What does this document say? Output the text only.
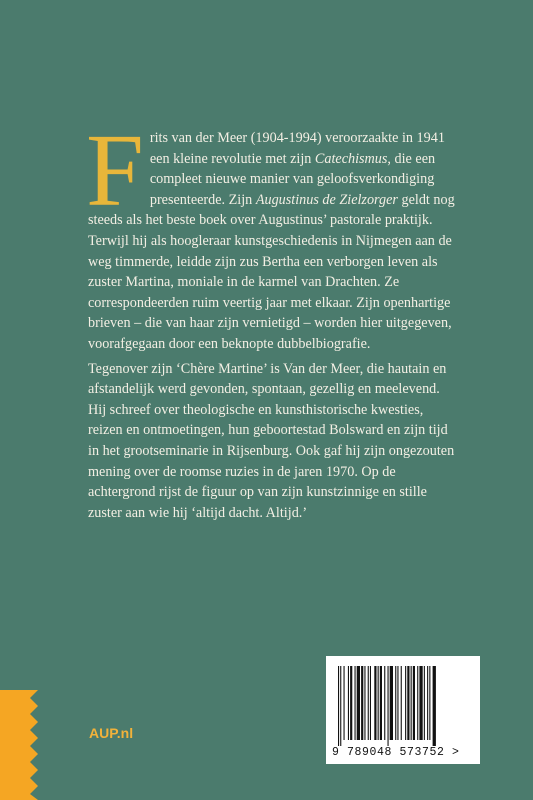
Frits van der Meer (1904-1994) veroorzaakte in 1941 een kleine revolutie met zijn Catechismus, die een compleet nieuwe manier van geloofsverkondiging presenteerde. Zijn Augustinus de Zielzorger geldt nog steeds als het beste boek over Augustinus’ pastorale praktijk. Terwijl hij als hoogleraar kunstgeschiedenis in Nijmegen aan de weg timmerde, leidde zijn zus Bertha een verborgen leven als zuster Martina, moniale in de karmel van Drachten. Ze correspondeerden ruim veertig jaar met elkaar. Zijn openhartige brieven – die van haar zijn vernietigd – worden hier uitgegeven, voorafgegaan door een beknopte dubbelbiografie.

Tegenover zijn ‘Chère Martine’ is Van der Meer, die hautain en afstandelijk werd gevonden, spontaan, gezellig en meelevend. Hij schreef over theologische en kunsthistorische kwesties, reizen en ontmoetingen, hun geboortestad Bolsward en zijn tijd in het grootseminarie in Rijsenburg. Ook gaf hij zijn ongezouten mening over de roomse ruzies in de jaren 1970. Op de achtergrond rijst de figuur op van zijn kunstzinnige en stille zuster aan wie hij ‘altijd dacht. Altijd.’

AUP.nl
9 789048 573752 >
